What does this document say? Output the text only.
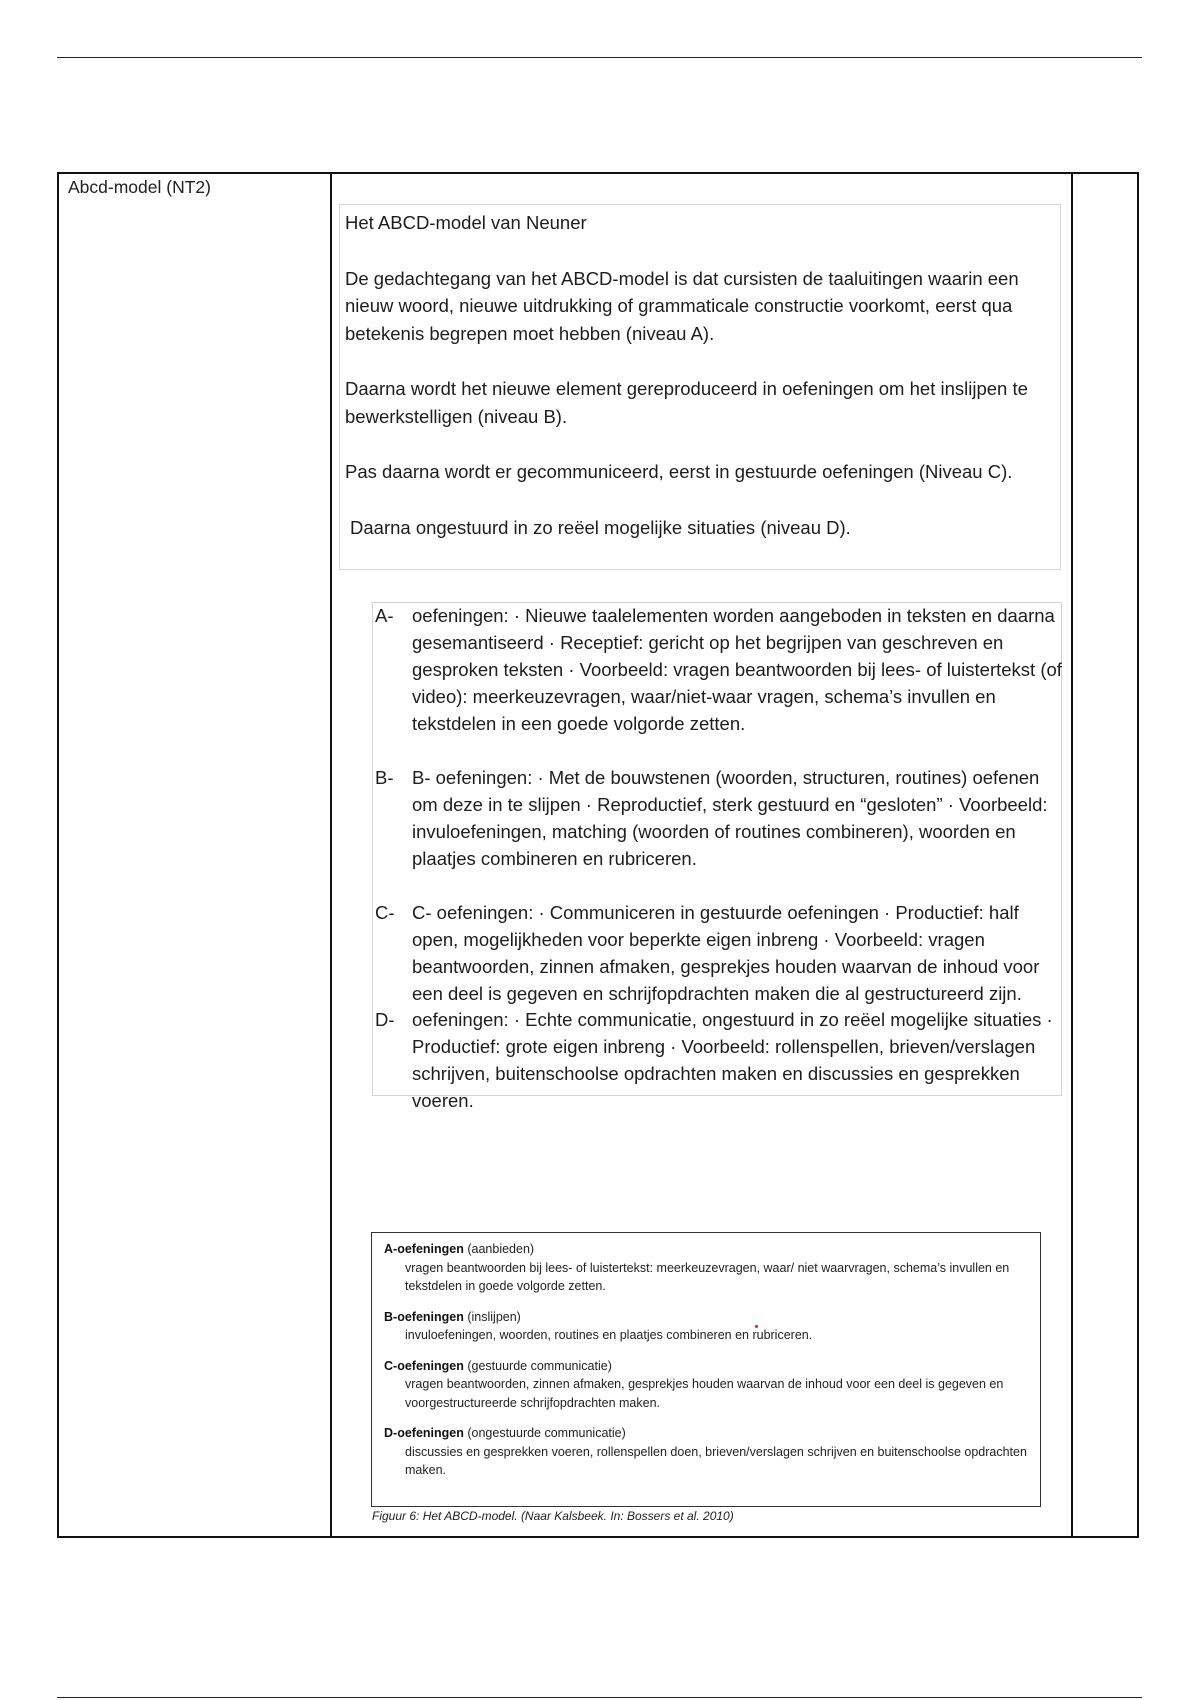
Abcd-model (NT2)

Het ABCD-model van Neuner

De gedachtegang van het ABCD-model is dat cursisten de taaluitingen waarin een nieuw woord, nieuwe uitdrukking of grammaticale constructie voorkomt, eerst qua betekenis begrepen moet hebben (niveau A).

Daarna wordt het nieuwe element gereproduceerd in oefeningen om het inslijpen te bewerkstelligen (niveau B).

Pas daarna wordt er gecommuniceerd, eerst in gestuurde oefeningen (Niveau C).

Daarna ongestuurd in zo reëel mogelijke situaties (niveau D).

A- oefeningen: · Nieuwe taalelementen worden aangeboden in teksten en daarna gesemantiseerd · Receptief: gericht op het begrijpen van geschreven en gesproken teksten · Voorbeeld: vragen beantwoorden bij lees- of luistertekst (of video): meerkeuzevragen, waar/niet-waar vragen, schema’s invullen en tekstdelen in een goede volgorde zetten.
B- B- oefeningen: · Met de bouwstenen (woorden, structuren, routines) oefenen om deze in te slijpen · Reproductief, sterk gestuurd en “gesloten” · Voorbeeld: invuloefeningen, matching (woorden of routines combineren), woorden en plaatjes combineren en rubriceren.
C- C- oefeningen: · Communiceren in gestuurde oefeningen · Productief: half open, mogelijkheden voor beperkte eigen inbreng · Voorbeeld: vragen beantwoorden, zinnen afmaken, gesprekjes houden waarvan de inhoud voor een deel is gegeven en schrijfopdrachten maken die al gestructureerd zijn.
D- oefeningen: · Echte communicatie, ongestuurd in zo reëel mogelijke situaties · Productief: grote eigen inbreng · Voorbeeld: rollenspellen, brieven/verslagen schrijven, buitenschoolse opdrachten maken en discussies en gesprekken voeren.
A-oefeningen (aanbieden)
vragen beantwoorden bij lees- of luistertekst: meerkeuzevragen, waar/ niet waarvragen, schema’s invullen en tekstdelen in goede volgorde zetten.
B-oefeningen (inslijpen)
invuloefeningen, woorden, routines en plaatjes combineren en rubriceren.
C-oefeningen (gestuurde communicatie)
vragen beantwoorden, zinnen afmaken, gesprekjes houden waarvan de inhoud voor een deel is gegeven en voorgestructureerde schrijfopdrachten maken.
D-oefeningen (ongestuurde communicatie)
discussies en gesprekken voeren, rollenspellen doen, brieven/verslagen schrijven en buitenschoolse opdrachten maken.
Figuur 6: Het ABCD-model. (Naar Kalsbeek. In: Bossers et al. 2010)
